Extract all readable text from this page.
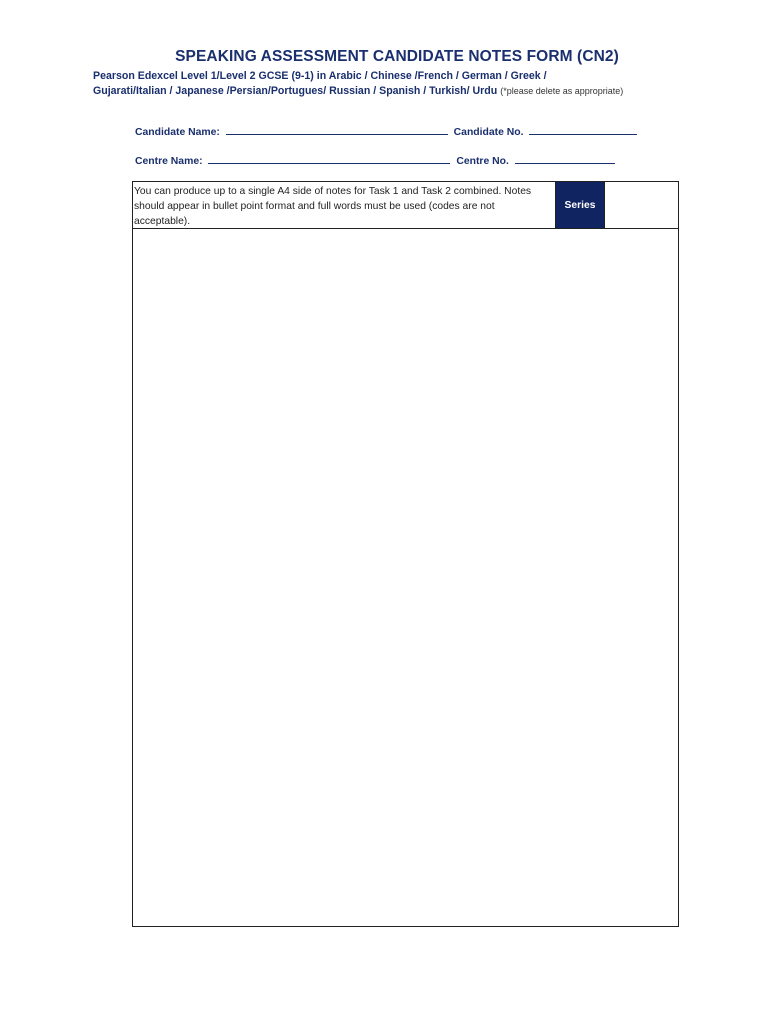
SPEAKING ASSESSMENT CANDIDATE NOTES FORM (CN2)
Pearson Edexcel Level 1/Level 2 GCSE (9-1) in Arabic / Chinese /French / German / Greek /
Gujarati/Italian / Japanese /Persian/Portugues/ Russian / Spanish / Turkish/ Urdu (*please delete as appropriate)
Candidate Name:	Candidate No.
Centre Name:	Centre No.
You can produce up to a single A4 side of notes for Task 1 and Task 2 combined. Notes should appear in bullet point format and full words must be used (codes are not acceptable).
Series
